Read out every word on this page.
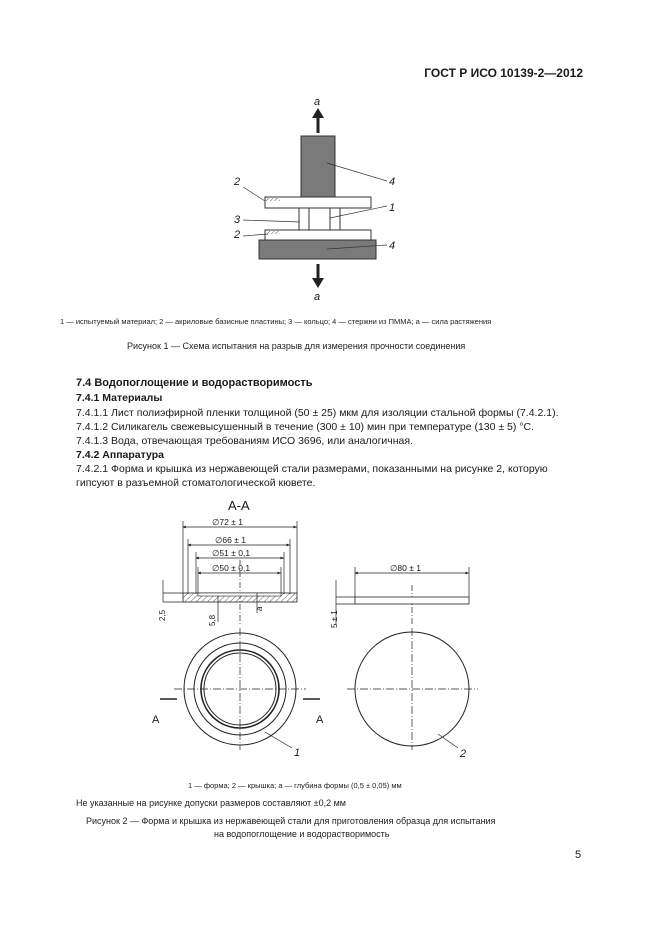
ГОСТ Р ИСО 10139-2—2012
a
a
2	4
3
1
2
4
1 — испытуемый материал; 2 — акриловые базисные пластины; 3 — кольцо; 4 — стержни из ПММА; a — сила растяжения
Рисунок 1 — Схема испытания на разрыв для измерения прочности соединения
7.4 Водопоглощение и водорастворимость
7.4.1 Материалы
7.4.1.1 Лист полиэфирной пленки толщиной (50 ± 25) мкм для изоляции стальной формы (7.4.2.1).
7.4.1.2 Силикагель свежевысушенный в течение (300 ± 10) мин при температуре (130 ± 5) °С.
7.4.1.3 Вода, отвечающая требованиям ИСО 3696, или аналогичная.
7.4.2 Аппаратура
7.4.2.1 Форма и крышка из нержавеющей стали размерами, показанными на рисунке 2, которую
гипсуют в разъемной стоматологической кювете.
А-А
∅72 ± 1
∅66 ± 1
∅51 ± 0,1
∅50 ± 0,1
2,5	5,8
a
5 ± 1
∅80 ± 1
А	А
1	2
1 — форма; 2 — крышка; a — глубина формы (0,5 ± 0,05) мм
Не указанные на рисунке допуски размеров составляют ±0,2 мм
Рисунок 2 — Форма и крышка из нержавеющей стали для приготовления образца для испытания
на водопоглощение и водорастворимость
5
